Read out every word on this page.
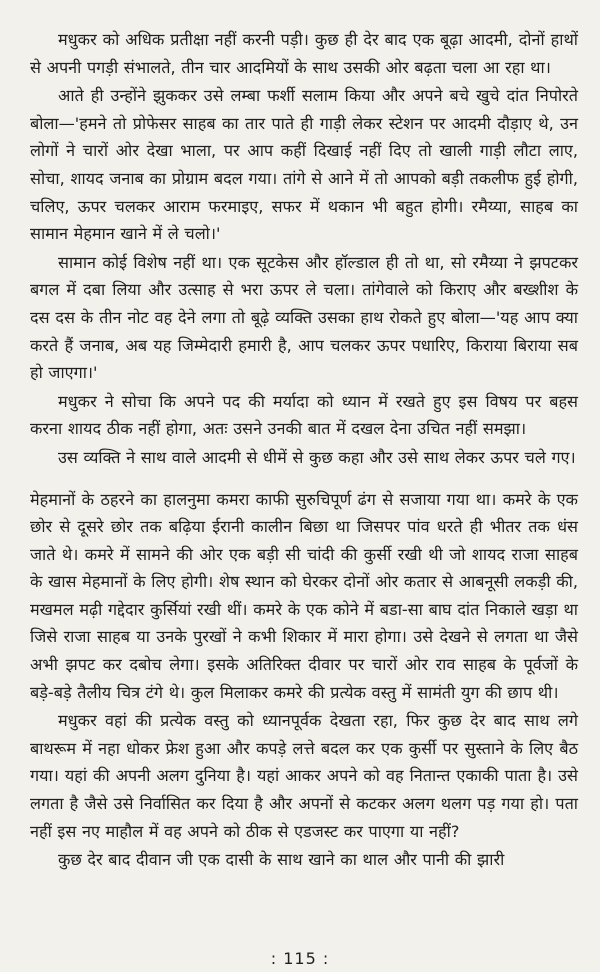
मधुकर को अधिक प्रतीक्षा नहीं करनी पड़ी। कुछ ही देर बाद एक बूढ़ा आदमी, दोनों हाथों से अपनी पगड़ी संभालते, तीन चार आदमियों के साथ उसकी ओर बढ़ता चला आ रहा था।

आते ही उन्होंने झुककर उसे लम्बा फर्शी सलाम किया और अपने बचे खुचे दांत निपोरते बोला—'हमने तो प्रोफेसर साहब का तार पाते ही गाड़ी लेकर स्टेशन पर आदमी दौड़ाए थे, उन लोगों ने चारों ओर देखा भाला, पर आप कहीं दिखाई नहीं दिए तो खाली गाड़ी लौटा लाए, सोचा, शायद जनाब का प्रोग्राम बदल गया। तांगे से आने में तो आपको बड़ी तकलीफ हुई होगी, चलिए, ऊपर चलकर आराम फरमाइए, सफर में थकान भी बहुत होगी। रमैय्या, साहब का सामान मेहमान खाने में ले चलो।'

सामान कोई विशेष नहीं था। एक सूटकेस और हॉल्डाल ही तो था, सो रमैय्या ने झपटकर बगल में दबा लिया और उत्साह से भरा ऊपर ले चला। तांगेवाले को किराए और बख्शीश के दस दस के तीन नोट वह देने लगा तो बूढ़े व्यक्ति उसका हाथ रोकते हुए बोला—'यह आप क्या करते हैं जनाब, अब यह जिम्मेदारी हमारी है, आप चलकर ऊपर पधारिए, किराया बिराया सब हो जाएगा।'

मधुकर ने सोचा कि अपने पद की मर्यादा को ध्यान में रखते हुए इस विषय पर बहस करना शायद ठीक नहीं होगा, अतः उसने उनकी बात में दखल देना उचित नहीं समझा।

उस व्यक्ति ने साथ वाले आदमी से धीमें से कुछ कहा और उसे साथ लेकर ऊपर चले गए।

मेहमानों के ठहरने का हालनुमा कमरा काफी सुरुचिपूर्ण ढंग से सजाया गया था। कमरे के एक छोर से दूसरे छोर तक बढ़िया ईरानी कालीन बिछा था जिसपर पांव धरते ही भीतर तक धंस जाते थे। कमरे में सामने की ओर एक बड़ी सी चांदी की कुर्सी रखी थी जो शायद राजा साहब के खास मेहमानों के लिए होगी। शेष स्थान को घेरकर दोनों ओर कतार से आबनूसी लकड़ी की, मखमल मढ़ी गद्देदार कुर्सियां रखी थीं। कमरे के एक कोने में बडा-सा बाघ दांत निकाले खड़ा था जिसे राजा साहब या उनके पुरखों ने कभी शिकार में मारा होगा। उसे देखने से लगता था जैसे अभी झपट कर दबोच लेगा। इसके अतिरिक्त दीवार पर चारों ओर राव साहब के पूर्वजों के बड़े-बड़े तैलीय चित्र टंगे थे। कुल मिलाकर कमरे की प्रत्येक वस्तु में सामंती युग की छाप थी।

मधुकर वहां की प्रत्येक वस्तु को ध्यानपूर्वक देखता रहा, फिर कुछ देर बाद साथ लगे बाथरूम में नहा धोकर फ्रेश हुआ और कपड़े लत्ते बदल कर एक कुर्सी पर सुस्ताने के लिए बैठ गया। यहां की अपनी अलग दुनिया है। यहां आकर अपने को वह नितान्त एकाकी पाता है। उसे लगता है जैसे उसे निर्वासित कर दिया है और अपनों से कटकर अलग थलग पड़ गया हो। पता नहीं इस नए माहौल में वह अपने को ठीक से एडजस्ट कर पाएगा या नहीं?

कुछ देर बाद दीवान जी एक दासी के साथ खाने का थाल और पानी की झारी

: 115 :
